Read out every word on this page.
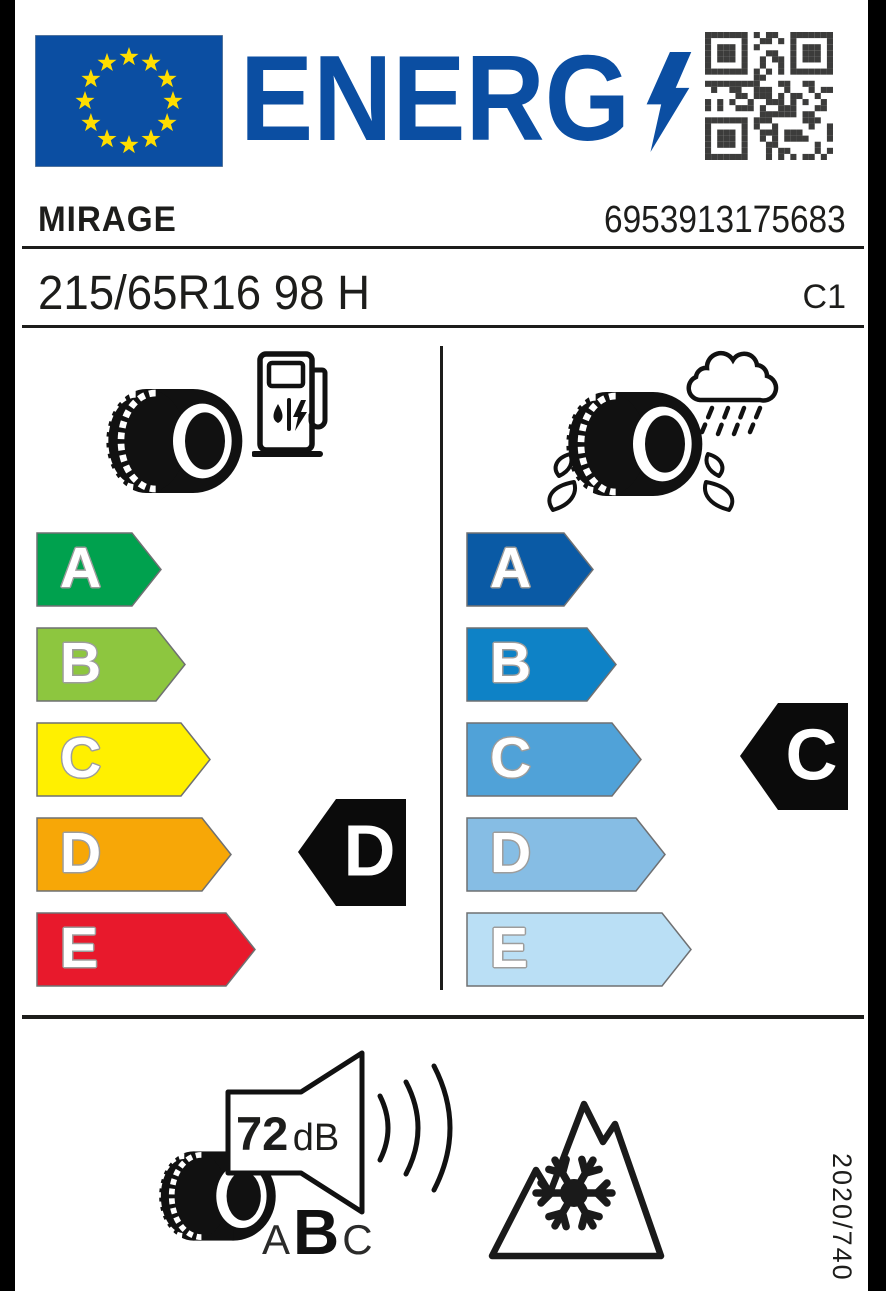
ENERG
MIRAGE	6953913175683
215/65R16 98 H	C1
A
B
C
D
E
A
B
C
D
E
D
C
72 dB
A B C	2020/740
